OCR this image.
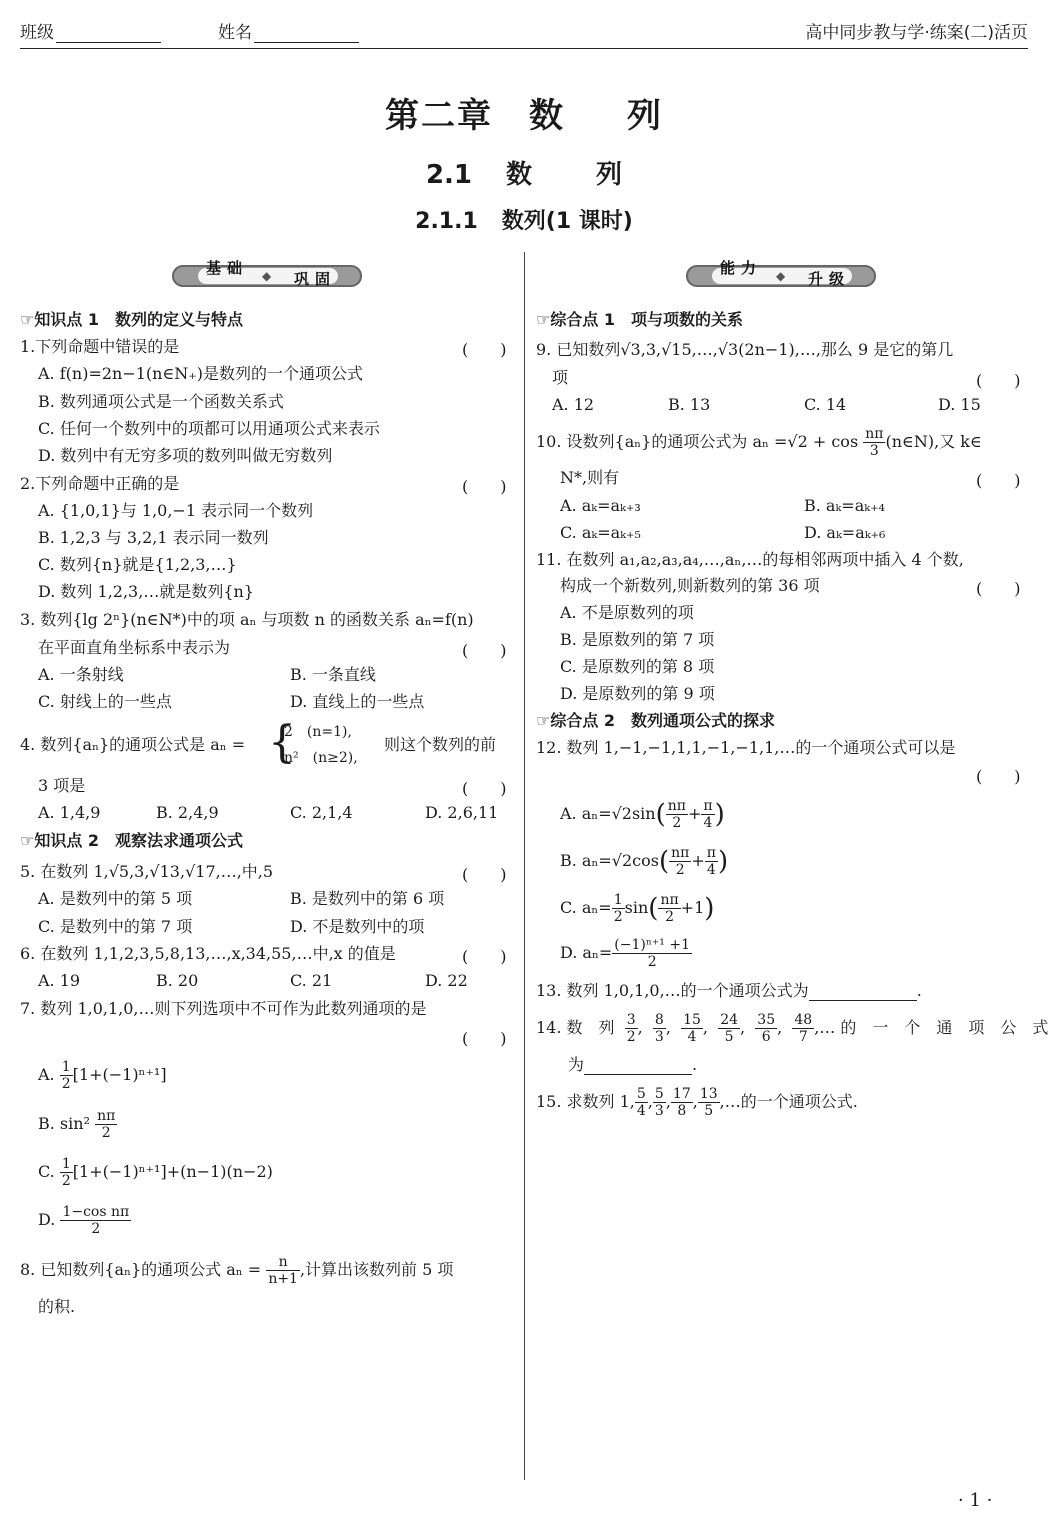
班级	姓名	高中同步教与学·练案(二)活页
第二章 数 列
2.1 数 列
2.1.1 数列(1 课时)
基础 ◆ 巩固
能力 ◆ 升级
☞知识点 1　数列的定义与特点
1.下列命题中错误的是	(　　)
A. f(n)=2n−1(n∈N₊)是数列的一个通项公式
B. 数列通项公式是一个函数关系式
C. 任何一个数列中的项都可以用通项公式来表示
D. 数列中有无穷多项的数列叫做无穷数列
2.下列命题中正确的是	(　　)
A. {1,0,1}与 1,0,−1 表示同一个数列
B. 1,2,3 与 3,2,1 表示同一数列
C. 数列{n}就是{1,2,3,…}
D. 数列 1,2,3,…就是数列{n}
3. 数列{lg 2ⁿ}(n∈N*)中的项 aₙ 与项数 n 的函数关系 aₙ=f(n)
在平面直角坐标系中表示为	(　　)
A. 一条射线	B. 一条直线
C. 射线上的一些点	D. 直线上的一些点
4. 数列{aₙ}的通项公式是 aₙ = {
2　(n=1),
n²　(n≥2),
则这个数列的前
3 项是	(　　)
A. 1,4,9	B. 2,4,9	C. 2,1,4	D. 2,6,11
☞知识点 2　观察法求通项公式
5. 在数列 1,√5,3,√13,√17,…,中,5	(　　)
A. 是数列中的第 5 项	B. 是数列中的第 6 项
C. 是数列中的第 7 项	D. 不是数列中的项
6. 在数列 1,1,2,3,5,8,13,…,x,34,55,…中,x 的值是	(　　)
A. 19	B. 20	C. 21	D. 22
7. 数列 1,0,1,0,…则下列选项中不可作为此数列通项的是
(　　)
A. $\frac{1}{2} [1+(-1)^{n+1}]$
B. $\sin^2 \frac{n\pi}{2}$
C. $\frac{1}{2} [1+(-1)^{n+1}]+(n-1)(n-2)$
D. $\frac{\text{1−cos nπ}}{2}$
8. 已知数列{aₙ}的通项公式 $a_n = \frac{n}{n+1}$ ,计算出该数列前 5 项
的积.
☞综合点 1　项与项数的关系
9. 已知数列√3,3,√15,…,√3(2n−1),…,那么 9 是它的第几
项	(　　)
A. 12	B. 13	C. 14	D. 15
10. 设数列{aₙ}的通项公式为 $a_n =√2 + \cos \frac{n\pi}{3}$ (n∈N),又 k∈
N*,则有	(　　)
A. aₖ=aₖ₊₃	B. aₖ=aₖ₊₄
C. aₖ=aₖ₊₅	D. aₖ=aₖ₊₆
11. 在数列 a₁,a₂,a₃,a₄,…,aₙ,…的每相邻两项中插入 4 个数,
构成一个新数列,则新数列的第 36 项	(　　)
A. 不是原数列的项
B. 是原数列的第 7 项
C. 是原数列的第 8 项
D. 是原数列的第 9 项
☞综合点 2　数列通项公式的探求
12. 数列 1,−1,−1,1,1,−1,−1,1,…的一个通项公式可以是
(　　)
A. $a_n=√2\sin( \frac{n\pi}{2} + \frac{\pi}{4}$ )
B. $a_n=√2\cos( \frac{n\pi}{2} + \frac{\pi}{4}$ )
C. $a_n= \frac{1}{2} \sin( \frac{n\pi}{2} +1)$
D. $a_n= \frac{\text{(−1)ⁿ⁺¹ +1}}{2}$
13. 数列 1,0,1,0,…的一个通项公式为	.
14. 数　列 $\frac{3}{2}$ , $\frac{8}{3}$ , $\frac{15}{4}$ , $\frac{24}{5}$ , $\frac{35}{6}$ , $\frac{48}{7}$ ,… 的　一　个　通　项　公　式
为	.
15. 求数列 1, $\frac{5}{4}$ , $\frac{5}{3}$ , $\frac{17}{8}$ , $\frac{13}{5}$ ,…的一个通项公式.
· 1 ·
